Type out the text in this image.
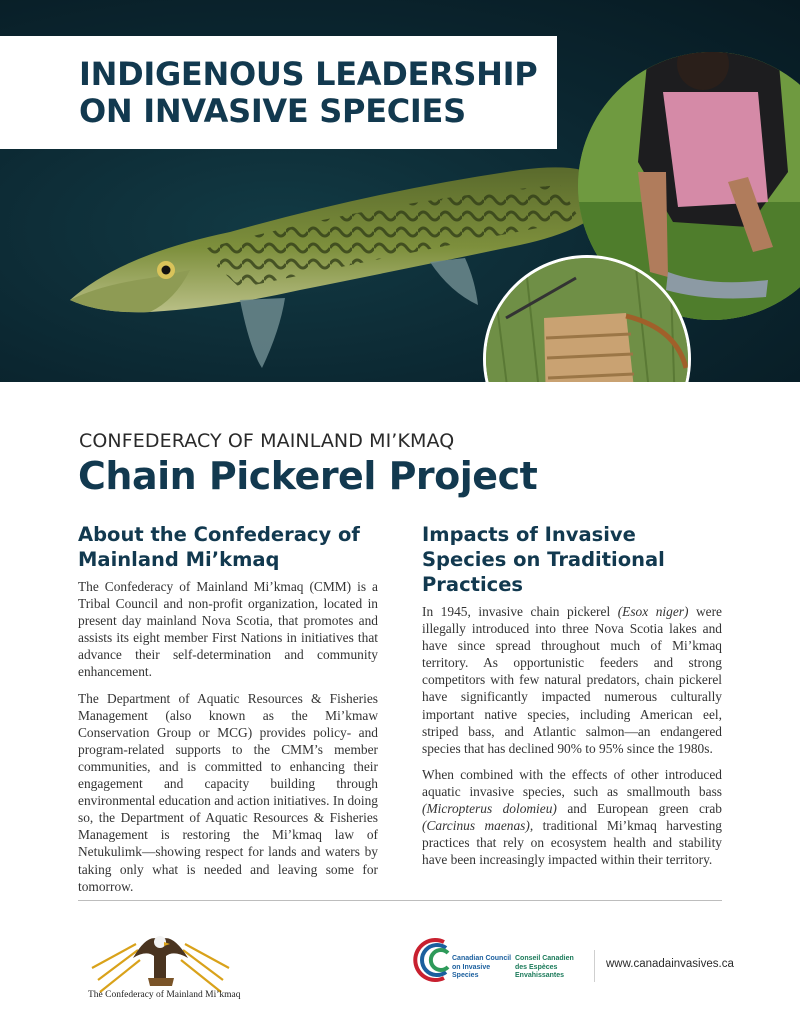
INDIGENOUS LEADERSHIP
ON INVASIVE SPECIES
CONFEDERACY OF MAINLAND MI’KMAQ
Chain Pickerel Project
About the Confederacy of Mainland Mi’kmaq

The Confederacy of Mainland Mi’kmaq (CMM) is a Tribal Council and non-profit organization, located in present day mainland Nova Scotia, that promotes and assists its eight member First Nations in initiatives that advance their self-determination and community enhancement.

The Department of Aquatic Resources & Fisheries Management (also known as the Mi’kmaw Conservation Group or MCG) provides policy- and program-related supports to the CMM’s member communities, and is committed to enhancing their engagement and capacity building through environmental education and action initiatives. In doing so, the Department of Aquatic Resources & Fisheries Management is restoring the Mi’kmaq law of Netukulimk—showing respect for lands and waters by taking only what is needed and leaving some for tomorrow.

Impacts of Invasive Species on Traditional Practices

In 1945, invasive chain pickerel (Esox niger) were illegally introduced into three Nova Scotia lakes and have since spread throughout much of Mi’kmaq territory. As opportunistic feeders and strong competitors with few natural predators, chain pickerel have significantly impacted numerous culturally important native species, including American eel, striped bass, and Atlantic salmon—an endangered species that has declined 90% to 95% since the 1980s.

When combined with the effects of other introduced aquatic invasive species, such as smallmouth bass (Micropterus dolomieu) and European green crab (Carcinus maenas), traditional Mi’kmaq harvesting practices that rely on ecosystem health and stability have been increasingly impacted within their territory.

The Confederacy of Mainland Mi’kmaq
Canadian Council on Invasive Species
Conseil Canadien des Espèces Envahissantes
www.canadainvasives.ca
